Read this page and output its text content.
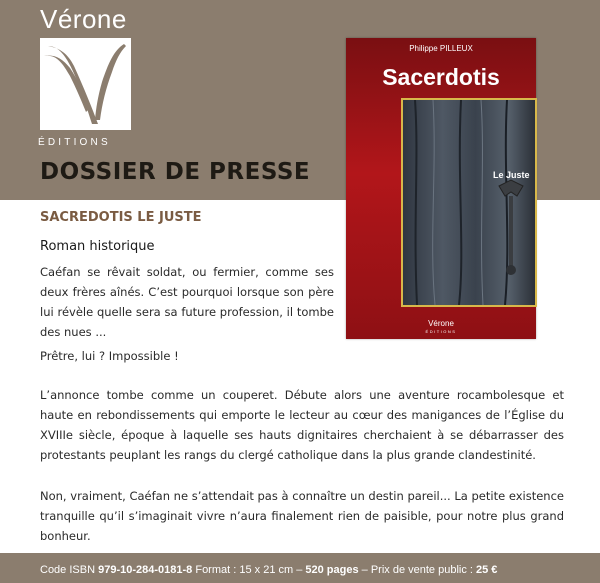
Vérone
ÉDITIONS
DOSSIER DE PRESSE
SACREDOTIS LE JUSTE
Roman historique

Caéfan se rêvait soldat, ou fermier, comme ses deux frères aînés. C’est pourquoi lorsque son père lui révèle quelle sera sa future profession, il tombe des nues ...

Prêtre, lui ? Impossible !

L’annonce tombe comme un couperet. Débute alors une aventure rocambolesque et haute en rebondissements qui emporte le lecteur au cœur des manigances de l’Église du XVIIIe siècle, époque à laquelle ses hauts dignitaires cherchaient à se débarrasser des protestants peuplant les rangs du clergé catholique dans la plus grande clandestinité.

Non, vraiment, Caéfan ne s’attendait pas à connaître un destin pareil... La petite existence tranquille qu’il s’imaginait vivre n’aura finalement rien de paisible, pour notre plus grand bonheur.

Philippe PILLEUX
Sacerdotis
Le Juste
Vérone
ÉDITIONS
Code ISBN 979-10-284-0181-8 Format : 15 x 21 cm – 520 pages – Prix de vente public : 25 €
